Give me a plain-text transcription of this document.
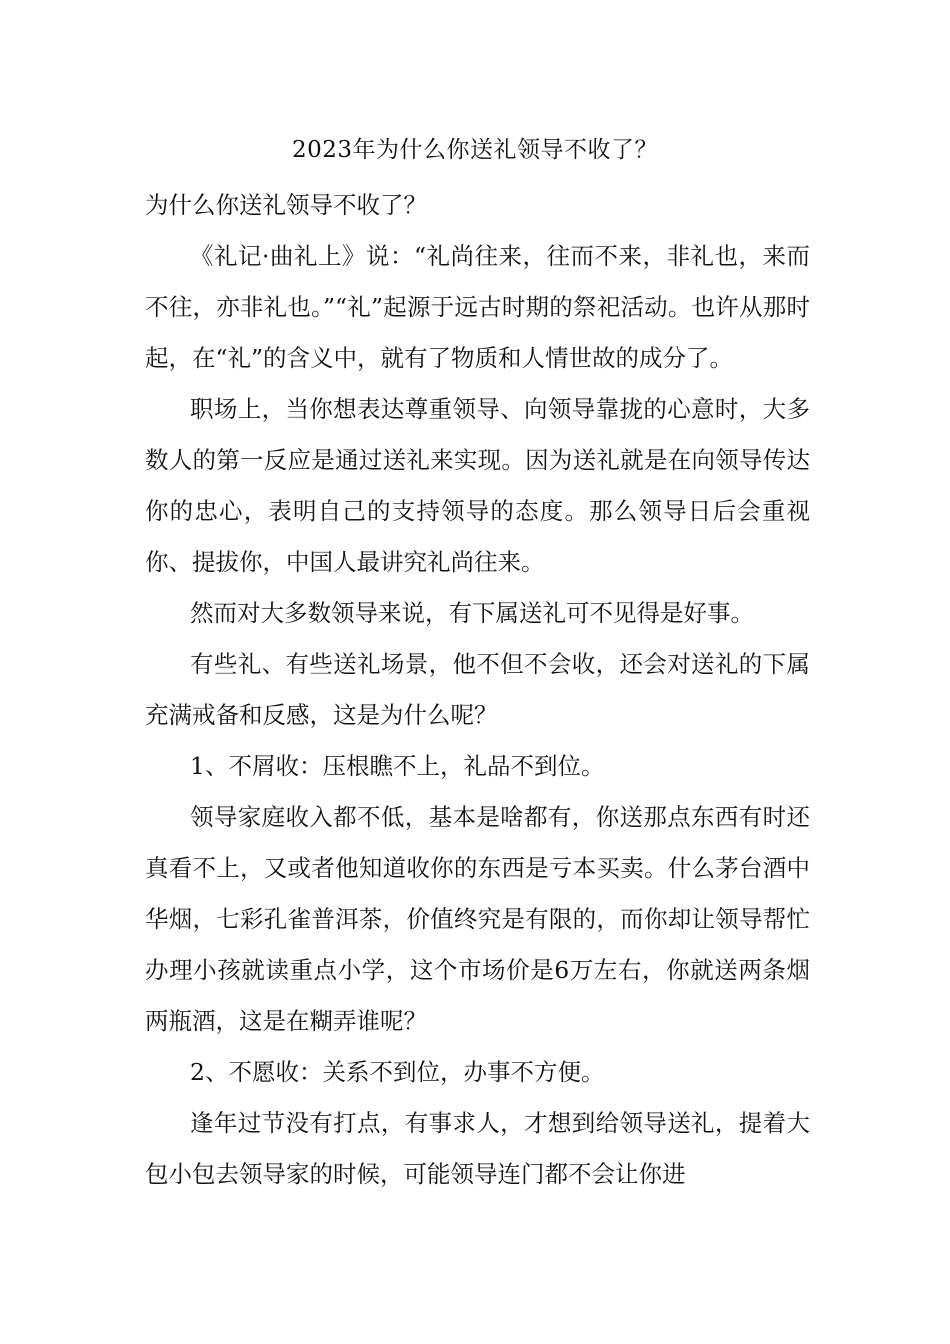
2023年为什么你送礼领导不收了？

为什么你送礼领导不收了？

《礼记·曲礼上》说：“礼尚往来，往而不来，非礼也，来而不往，亦非礼也。”“礼”起源于远古时期的祭祀活动。也许从那时起，在“礼”的含义中，就有了物质和人情世故的成分了。

职场上，当你想表达尊重领导、向领导靠拢的心意时，大多数人的第一反应是通过送礼来实现。因为送礼就是在向领导传达你的忠心，表明自己的支持领导的态度。那么领导日后会重视你、提拔你，中国人最讲究礼尚往来。

然而对大多数领导来说，有下属送礼可不见得是好事。

有些礼、有些送礼场景，他不但不会收，还会对送礼的下属充满戒备和反感，这是为什么呢？

1、不屑收：压根瞧不上，礼品不到位。

领导家庭收入都不低，基本是啥都有，你送那点东西有时还真看不上，又或者他知道收你的东西是亏本买卖。什么茅台酒中华烟，七彩孔雀普洱茶，价值终究是有限的，而你却让领导帮忙办理小孩就读重点小学，这个市场价是6万左右，你就送两条烟两瓶酒，这是在糊弄谁呢？

2、不愿收：关系不到位，办事不方便。

逢年过节没有打点，有事求人，才想到给领导送礼，提着大包小包去领导家的时候，可能领导连门都不会让你进
